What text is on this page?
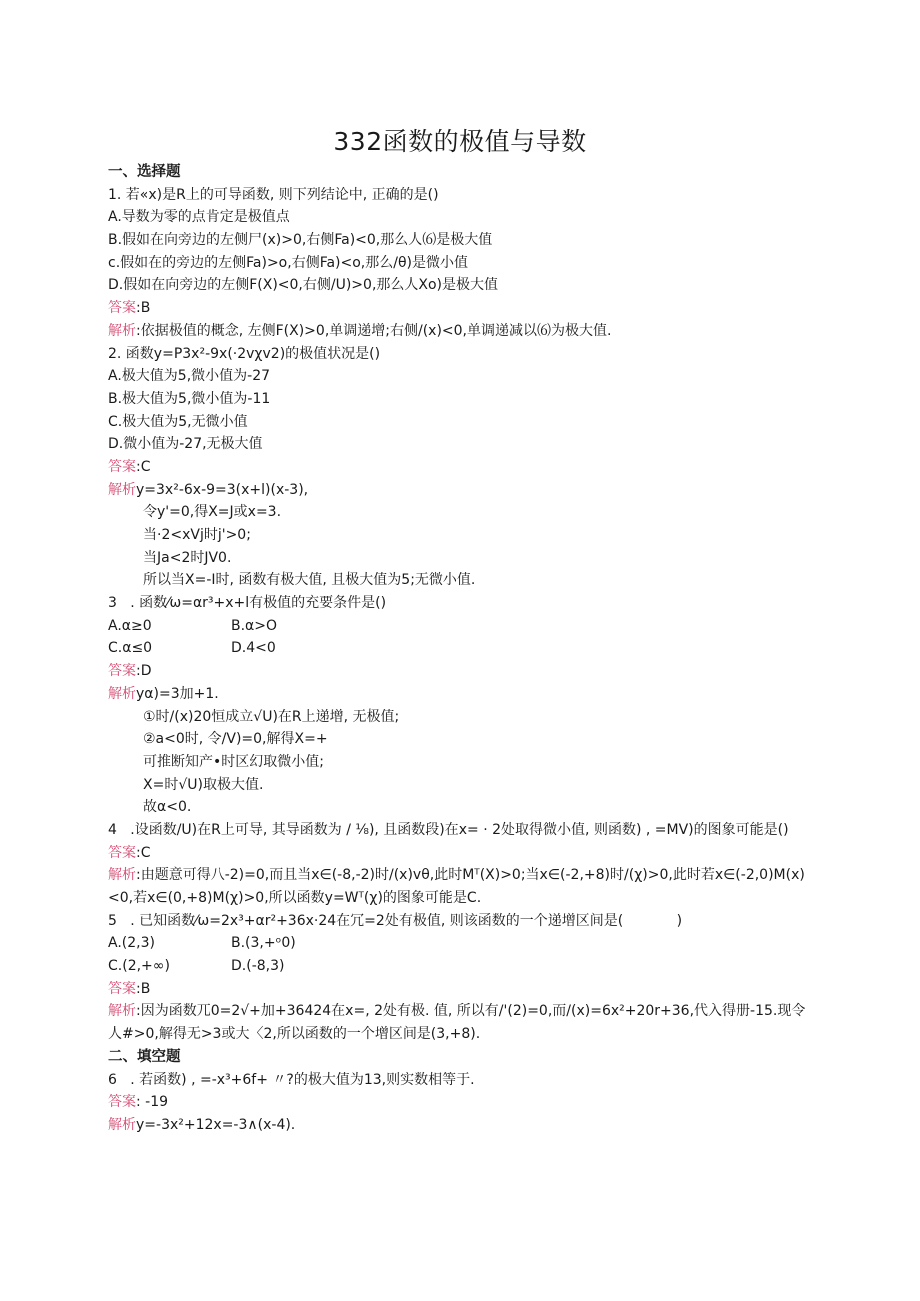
332函数的极值与导数
一、选择题
1. 若«x)是R上的可导函数, 则下列结论中, 正确的是()
A.导数为零的点肯定是极值点
B.假如在向旁边的左侧尸(x)>0,右侧Fa)<0,那么人⑹是极大值
c.假如在的旁边的左侧Fa)>o,右侧Fa)<o,那么/θ)是微小值
D.假如在向旁边的左侧F(X)<0,右侧/U)>0,那么人Xo)是极大值
答案:B
解析:依据极值的概念, 左侧F(X)>0,单调递增;右侧/(x)<0,单调递减以⑹为极大值.
2. 函数y=P3x²-9x(·2vχv2)的极值状况是()
A.极大值为5,微小值为-27
B.极大值为5,微小值为-11
C.极大值为5,无微小值
D.微小值为-27,无极大值
答案:C
解析y=3x²-6x-9=3(x+l)(x-3),
令y'=0,得X=J或x=3.
当·2<xVj时j'>0;
当Ja<2时JV0.
所以当X=-I时, 函数有极大值, 且极大值为5;无微小值.
3   . 函数⁄ω=αr³+x+l有极值的充要条件是()
A.α≥0	B.α>O
C.α≤0	D.4<0
答案:D
解析yα)=3加+1.
①时/(x)20恒成立√U)在R上递增, 无极值;
②a<0时, 令/V)=0,解得X=+
可推断知产•时区幻取微小值;
X=时√U)取极大值.
故α<0.
4   .设函数/U)在R上可导, 其导函数为 / ⅛), 且函数段)在x= · 2处取得微小值, 则函数) , =MV)的图象可能是()
答案:C
解析:由题意可得八-2)=0,而且当x∈(-8,-2)时/(x)vθ,此时Mᵀ(X)>0;当x∈(-2,+8)时/(χ)>0,此时若x∈(-2,0)M(x)<0,若x∈(0,+8)M(χ)>0,所以函数y=Wᵀ(χ)的图象可能是C.
5   . 已知函数⁄ω=2x³+αr²+36x·24在冗=2处有极值, 则该函数的一个递增区间是(            )
A.(2,3)	B.(3,+ᵒ0)
C.(2,+∞)	D.(-8,3)
答案:B
解析:因为函数兀0=2√+加+36424在x=, 2处有极. 值, 所以有/'(2)=0,而/(x)=6x²+20r+36,代入得册-15.现令人#>0,解得无>3或大〈2,所以函数的一个增区间是(3,+8).
二、填空题
6   . 若函数) , =-x³+6f+ 〃?的极大值为13,则实数相等于.
答案: -19
解析y=-3x²+12x=-3∧(x-4).
